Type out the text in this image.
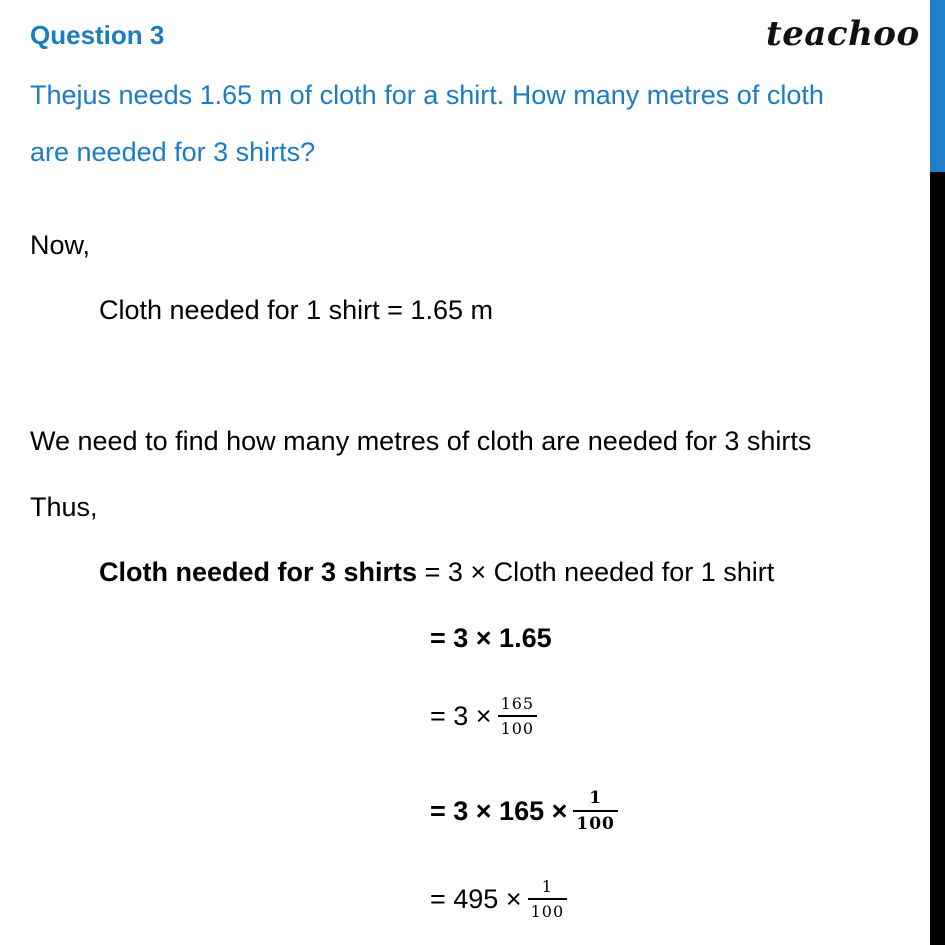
Question 3	teachoo
Thejus needs 1.65 m of cloth for a shirt. How many metres of cloth
are needed for 3 shirts?
Now,
Cloth needed for 1 shirt = 1.65 m
We need to find how many metres of cloth are needed for 3 shirts
Thus,
Cloth needed for 3 shirts = 3 × Cloth needed for 1 shirt
= 3 × 1.65
= $3 \times \frac{165}{100}$
= $3 \times 165 \times \frac{1}{100}$
= $495 \times \frac{1}{100}$
